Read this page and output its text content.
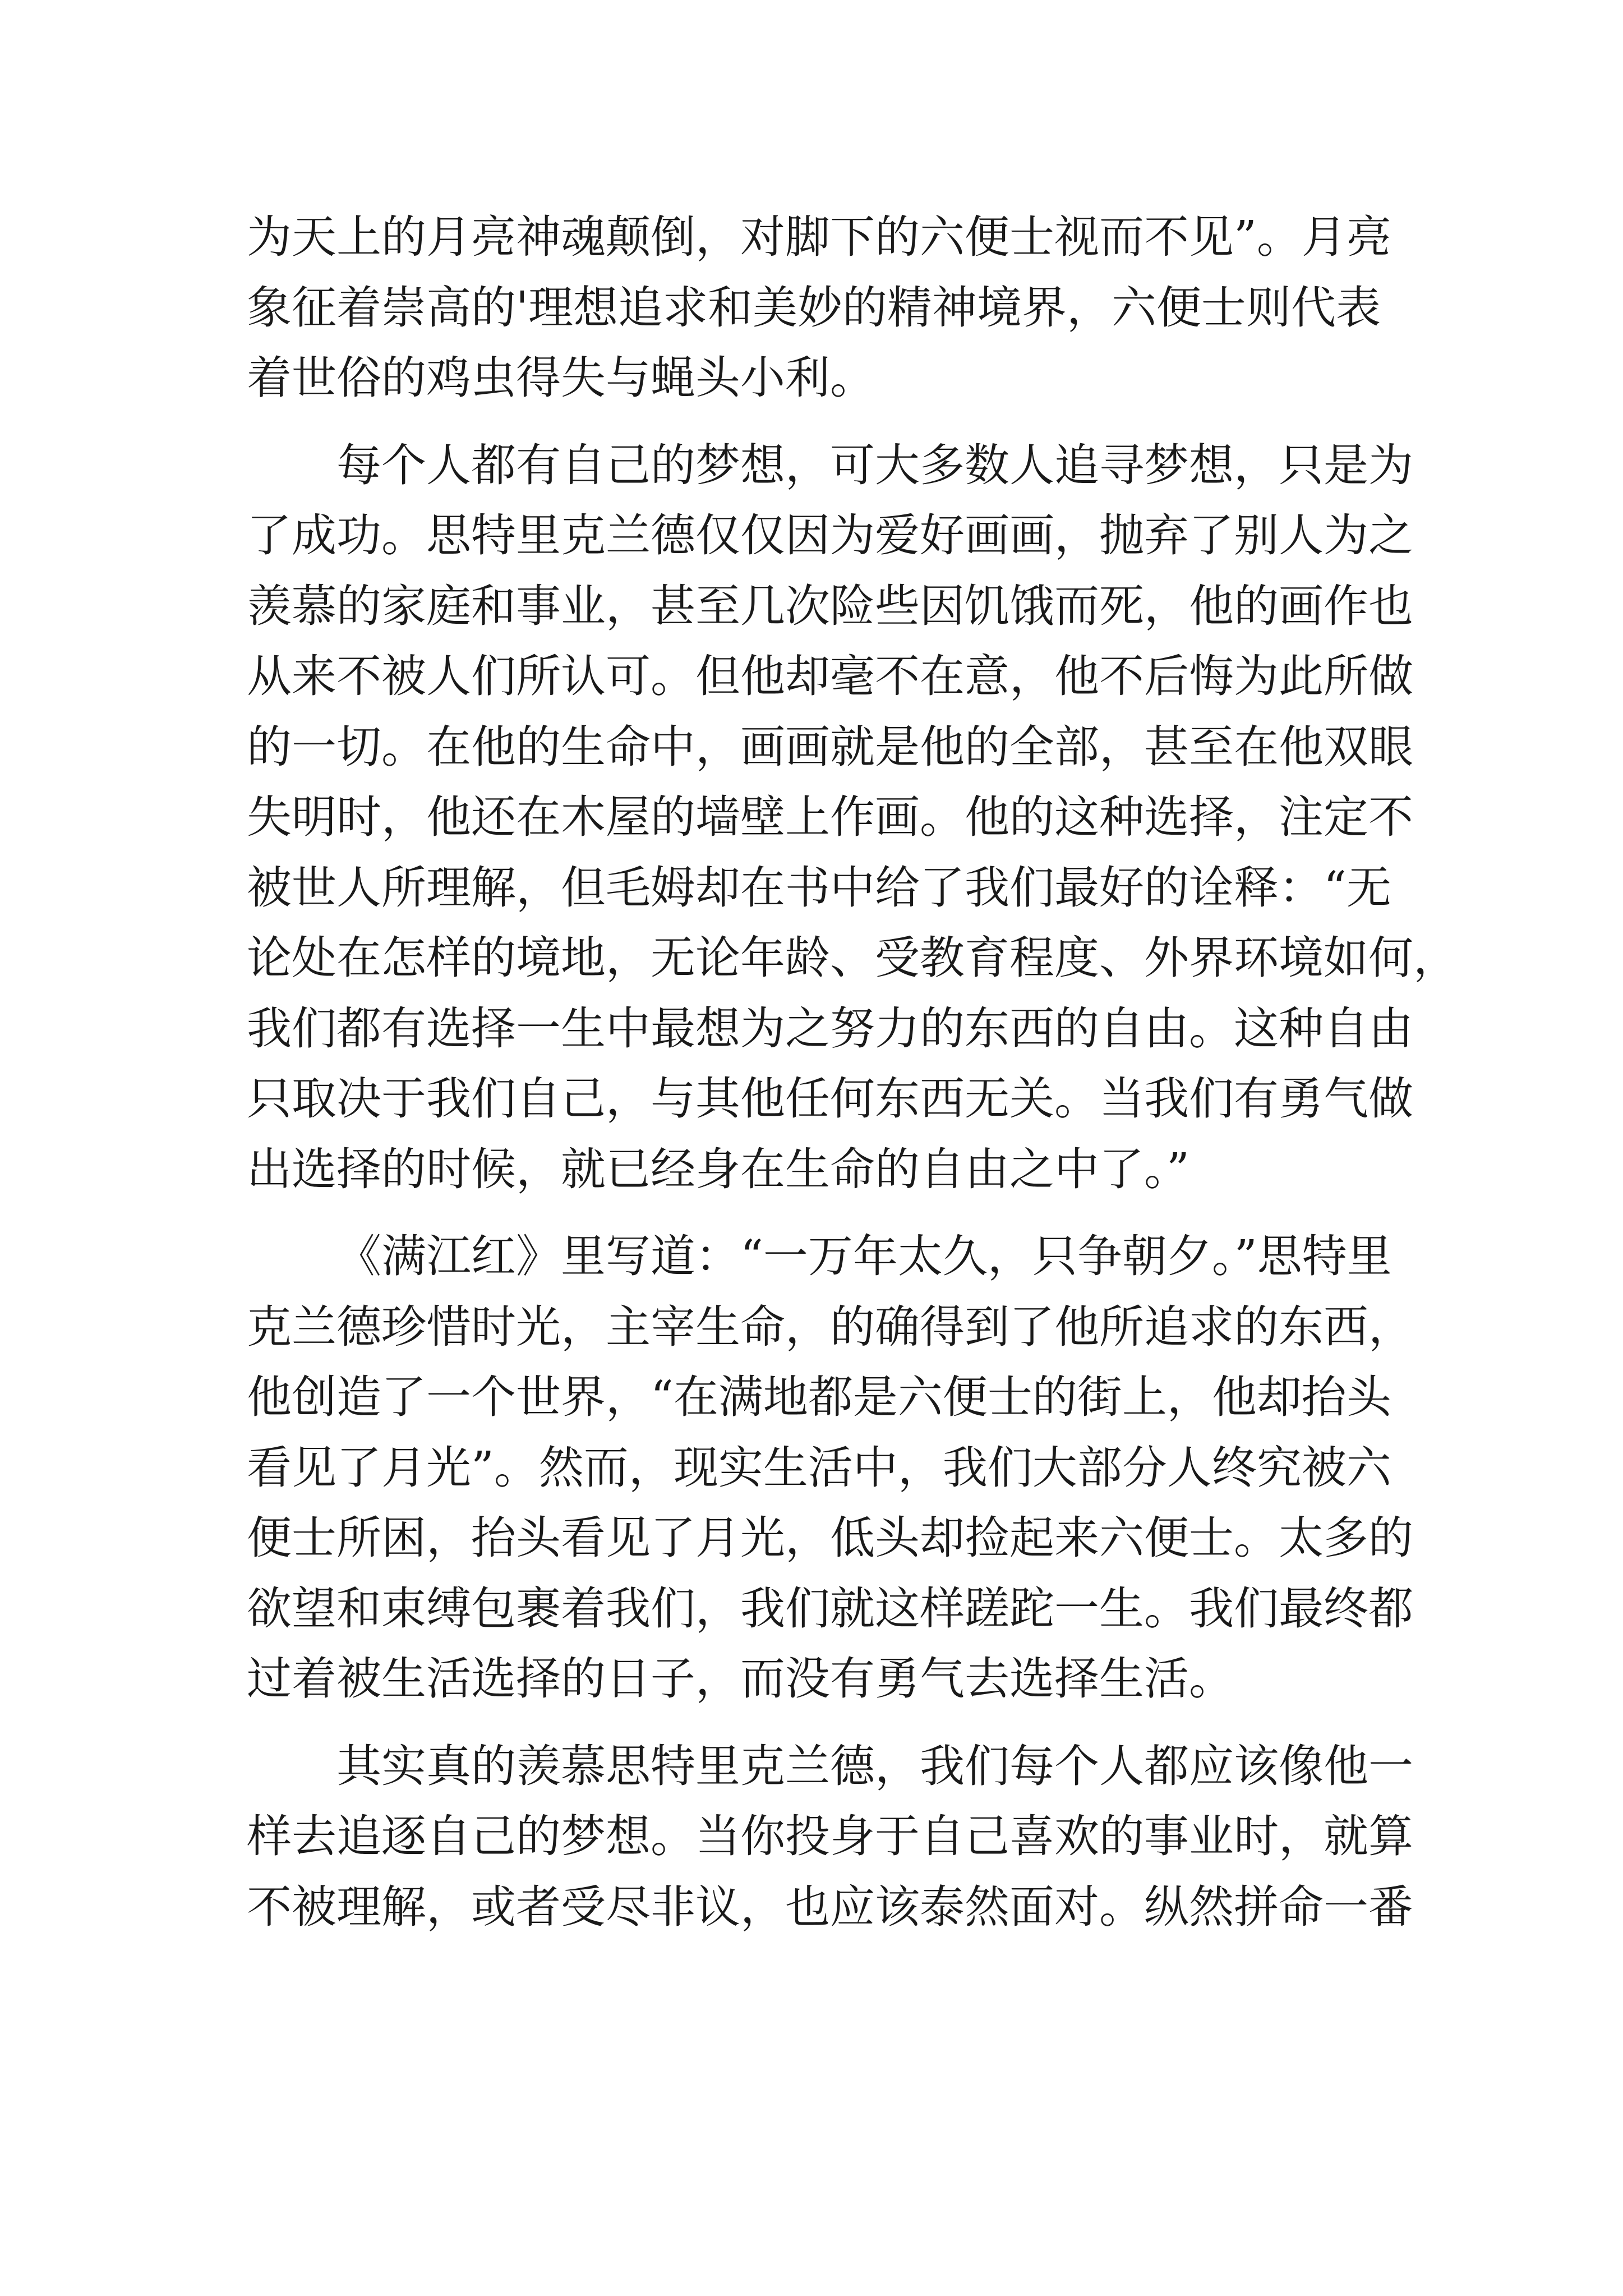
为天上的月亮神魂颠倒，对脚下的六便士视而不见”。月亮
象征着崇高的'理想追求和美妙的精神境界，六便士则代表
着世俗的鸡虫得失与蝇头小利。
每个人都有自己的梦想，可大多数人追寻梦想，只是为
了成功。思特里克兰德仅仅因为爱好画画，抛弃了别人为之
羡慕的家庭和事业，甚至几次险些因饥饿而死，他的画作也
从来不被人们所认可。但他却毫不在意，他不后悔为此所做
的一切。在他的生命中，画画就是他的全部，甚至在他双眼
失明时，他还在木屋的墙壁上作画。他的这种选择，注定不
被世人所理解，但毛姆却在书中给了我们最好的诠释：“无
论处在怎样的境地，无论年龄、受教育程度、外界环境如何，
我们都有选择一生中最想为之努力的东西的自由。这种自由
只取决于我们自己，与其他任何东西无关。当我们有勇气做
出选择的时候，就已经身在生命的自由之中了。”
《满江红》里写道：“一万年太久，只争朝夕。”思特里
克兰德珍惜时光，主宰生命，的确得到了他所追求的东西，
他创造了一个世界，“在满地都是六便士的街上，他却抬头
看见了月光”。然而，现实生活中，我们大部分人终究被六
便士所困，抬头看见了月光，低头却捡起来六便士。太多的
欲望和束缚包裹着我们，我们就这样蹉跎一生。我们最终都
过着被生活选择的日子，而没有勇气去选择生活。
其实真的羡慕思特里克兰德，我们每个人都应该像他一
样去追逐自己的梦想。当你投身于自己喜欢的事业时，就算
不被理解，或者受尽非议，也应该泰然面对。纵然拼命一番
